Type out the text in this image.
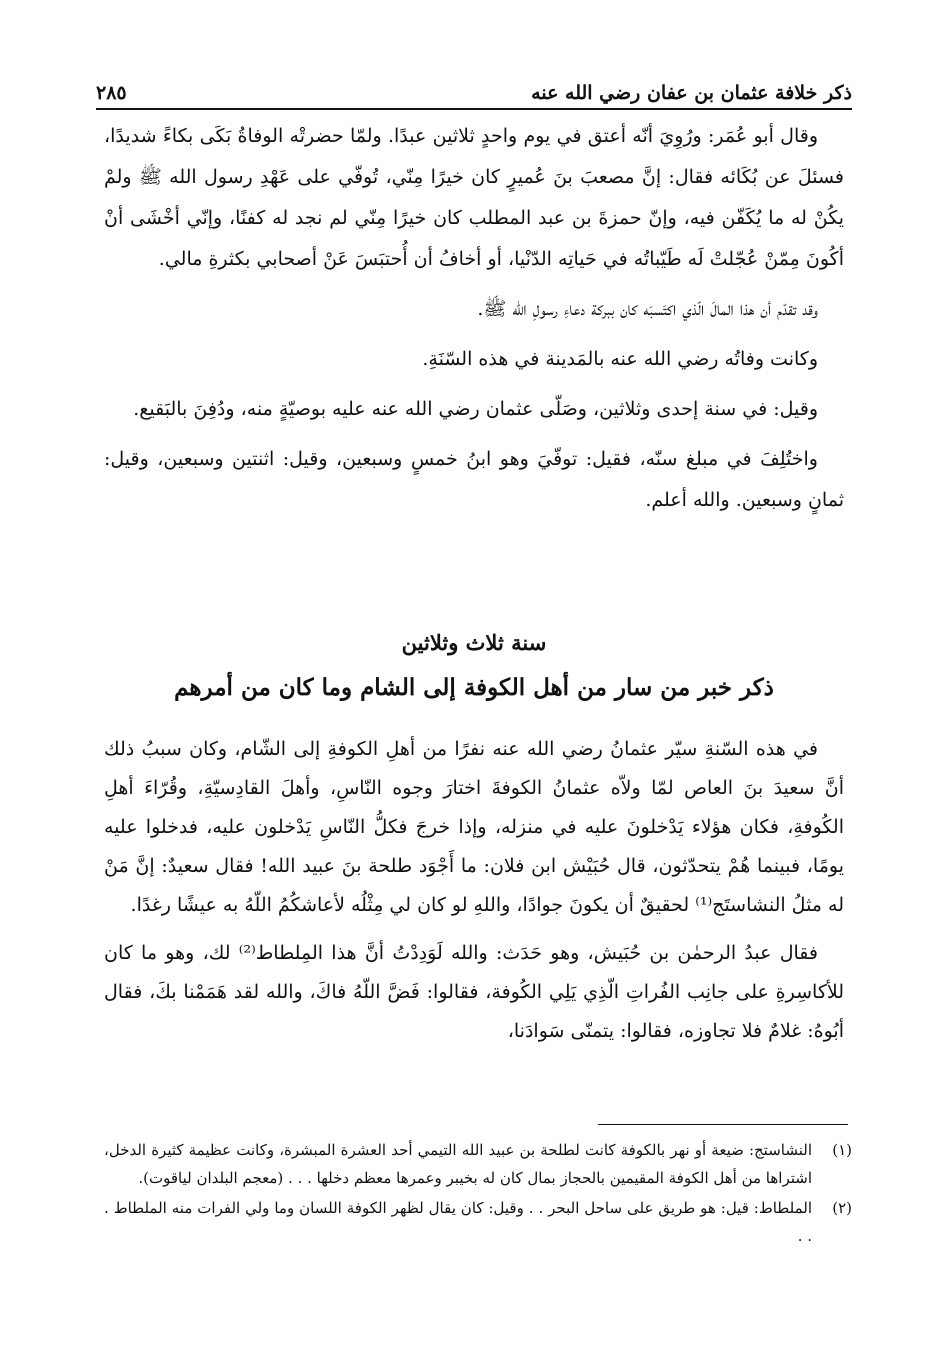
ذكر خلافة عثمان بن عفان رضي الله عنه
٢٨٥

وقال أبو عُمَر: ورُوِيَ أنّه أعتق في يوم واحدٍ ثلاثين عبدًا. ولمّا حضرتْه الوفاةُ بَكَى بكاءً شديدًا، فسئلَ عن بُكَائه فقال: إنَّ مصعبَ بنَ عُميرٍ كان خيرًا مِنّي، تُوفّي على عَهْدِ رسول الله ﷺ ولمْ يكُنْ له ما يُكَفّن فيه، وإنّ حمزةَ بن عبد المطلب كان خيرًا مِنّي لم نجد له كفنًا، وإنّي أخْشَى أنْ أكُونَ مِمّنْ عُجّلتْ لَه طَيّباتُه في حَياتِه الدّنْيا، أو أخافُ أن أُحتبَسَ عَنْ أصحابي بكثرةِ مالي.

وقد تقدّم أن هذا المالَ الّذي اكتَسبَه كان ببركة دعاءِ رسولِ الله ﷺ.

وكانت وفاتُه رضي الله عنه بالمَدينة في هذه السّنَةِ.

وقيل: في سنة إحدى وثلاثين، وصَلّى عثمان رضي الله عنه عليه بوصيّةٍ منه، ودُفِنَ بالبَقيع.

واختُلِفَ في مبلغ سنّه، فقيل: توفّيَ وهو ابنُ خمسٍ وسبعين، وقيل: اثنتين وسبعين، وقيل: ثمانٍ وسبعين. والله أعلم.

سنة ثلاث وثلاثين
ذكر خبر من سار من أهل الكوفة إلى الشام وما كان من أمرهم

في هذه السّنةِ سيّر عثمانُ رضي الله عنه نفرًا من أهلِ الكوفةِ إلى الشّام، وكان سببُ ذلك أنَّ سعيدَ بنَ العاص لمّا ولاّه عثمانُ الكوفةَ اختارَ وجوه النّاسِ، وأهلَ القادِسيّةِ، وقُرّاءَ أهلِ الكُوفةِ، فكان هؤلاء يَدْخلونَ عليه في منزله، وإذا خرجَ فكلُّ النّاسِ يَدْخلون عليه، فدخلوا عليه يومًا، فبينما هُمْ يتحدّثون، قال حُبَيْش ابن فلان: ما أَجْوَد طلحة بنَ عبيد الله! فقال سعيدٌ: إنَّ مَنْ له مثلُ النشاستَج⁽¹⁾ لحقيقٌ أن يكونَ جوادًا، واللهِ لو كان لي مِثْلُه لأعاشكُمُ اللّهُ به عيشًا رغدًا.

فقال عبدُ الرحمٰن بن حُبَيش، وهو حَدَث: والله لَوَدِدْتُ أنَّ هذا المِلطاط⁽²⁾ لك، وهو ما كان للأكاسِرةِ على جانِب الفُراتِ الّذِي يَلِي الكُوفة، فقالوا: فَضَّ اللّهُ فاكَ، والله لقد هَمَمْنا بكَ، فقال أبُوهُ: غلامٌ فلا تجاوزه، فقالوا: يتمنّى سَوادَنا،

(١)
النشاستج: ضيعة أو نهر بالكوفة كانت لطلحة بن عبيد الله التيمي أحد العشرة المبشرة، وكانت عظيمة كثيرة الدخل، اشتراها من أهل الكوفة المقيمين بالحجاز بمال كان له بخيبر وعمرها معظم دخلها . . . (معجم البلدان لياقوت).
(٢)
الملطاط: قيل: هو طريق على ساحل البحر . . وقيل: كان يقال لظهر الكوفة اللسان وما ولي الفرات منه الملطاط . . .
